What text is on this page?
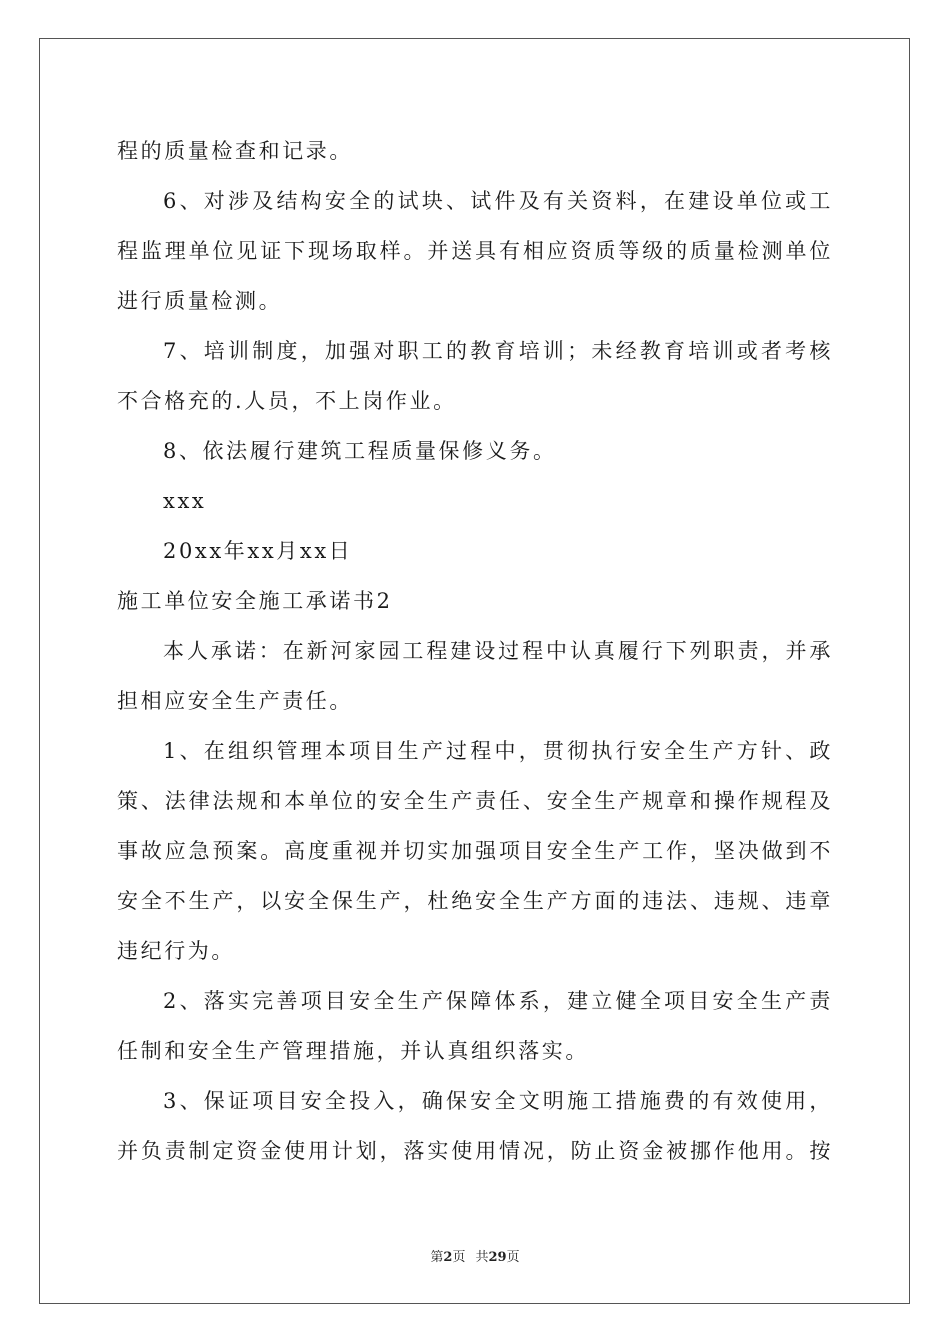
程的质量检查和记录。

6、对涉及结构安全的试块、试件及有关资料，在建设单位或工

程监理单位见证下现场取样。并送具有相应资质等级的质量检测单位

进行质量检测。

7、培训制度，加强对职工的教育培训；未经教育培训或者考核

不合格充的.人员，不上岗作业。

8、依法履行建筑工程质量保修义务。

xxx

20xx年xx月xx日

施工单位安全施工承诺书2

本人承诺：在新河家园工程建设过程中认真履行下列职责，并承

担相应安全生产责任。

1、在组织管理本项目生产过程中，贯彻执行安全生产方针、政

策、法律法规和本单位的安全生产责任、安全生产规章和操作规程及

事故应急预案。高度重视并切实加强项目安全生产工作，坚决做到不

安全不生产，以安全保生产，杜绝安全生产方面的违法、违规、违章

违纪行为。

2、落实完善项目安全生产保障体系，建立健全项目安全生产责

任制和安全生产管理措施，并认真组织落实。

3、保证项目安全投入，确保安全文明施工措施费的有效使用，

并负责制定资金使用计划，落实使用情况，防止资金被挪作他用。按

第2页 共29页
